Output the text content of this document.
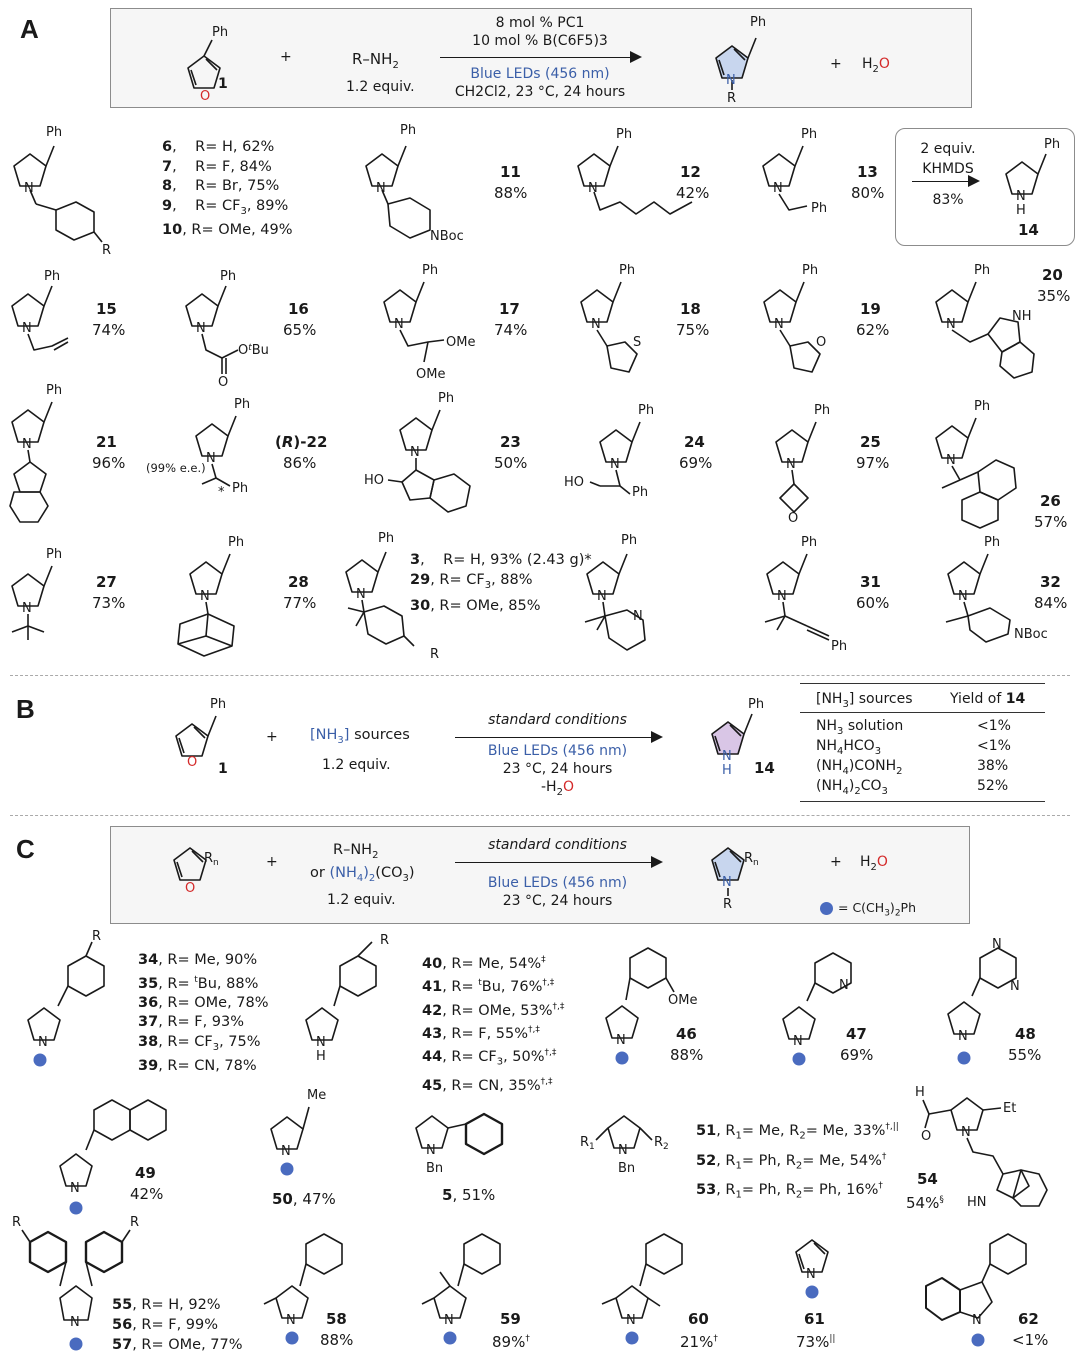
A	Ph
O
1
+	$R-NH_2$
1.2 equiv.
8 mol % PC1
10 mol % B(C6F5)3
Blue LEDs (456 nm)
CH2Cl2, 23 °C, 24 hours
Ph
N
R
+ $H_2O$
Ph
N
R
6,    R= H, 62%
7,    R= F, 84%
8,    R= Br, 75%
9,    $R= CF_3$, 89%
10, R= OMe, 49%
Ph
N
NBoc
11
88%
Ph
N
12
42%
Ph
N
Ph
13
80%
2 equiv.
KHMDS
83%
Ph
N
H
14
Ph
N
15
74%
Ph
N
O
$O^tBu$
16
65%
Ph
N
OMe
OMe
17
74%
Ph
N
S
18
75%
Ph
N
O
19
62%
Ph
N
NH
20
35%
Ph
N	21
96% (99% e.e.)
Ph
N
* Ph
(R)-22
86%
Ph
N
HO
23
50%
Ph
N
HO
Ph
24
69%
Ph
N
O
25
97%
Ph
N
26
57%
Ph
N
27
73%
Ph
N
28
77%
Ph
N
R
3,    R= H, 93% (2.43 g)*
29, $R= CF_3$, 88%
30, R= OMe, 85%
Ph
N
N
Ph
N
Ph
31
60%
Ph
N
NBoc
32
84%
B	Ph
O 1
+ $[NH_3]$ sources
1.2 equiv.
standard conditions
Blue LEDs (456 nm)
23 °C, 24 hours
$-H_2O$
Ph
N
H 14
$[NH_3]$ sources	Yield of 14
$NH_3$ solution	<1%
$NH_4HCO_3$	<1%
$(NH_4)CONH_2$	38%
$(NH_4)_2CO_3$	52%
C	$R_n$
O
+
$R-NH_2$
or $(NH_4)_2(CO_3)$
1.2 equiv.
standard conditions
Blue LEDs (456 nm)
23 °C, 24 hours
$R_n$
N
R
+ $H_2O$
= $C(CH_3)_2Ph$
R
N
34, R= Me, 90%
35, R= $^t$Bu, 88%
36, R= OMe, 78%
37, R= F, 93%
38, $R= CF_3$, 75%
39, R= CN, 78%
R
N
H
40, R= Me, 54%‡
41, R= $^t$Bu, 76%†,‡
42, R= OMe, 53%†,‡
43, R= F, 55%†,‡
44, $R= CF_3$, 50%†,‡
45, R= CN, 35%†,‡
OMe
N	46
88%
N
N	47
69%
N
N
N	48
55%
N
49
42%
Me
N
50, 47%
N
Bn
5, 51%
$R_1$	$R_2$
N
Bn
51, $R_1= Me$, $R_2= Me$, 33%†,||
52, $R_1= Ph$, $R_2= Me$, 54%†
53, $R_1= Ph$, $R_2= Ph$, 16%†
H
O
Et
N
HN
54
54%§
R	R
N
55, R= H, 92%
56, R= F, 99%
57, R= OMe, 77%
N 58
88%
N	59
89%†
N	60
21%†
N
61
73%||
N 62
<1%
